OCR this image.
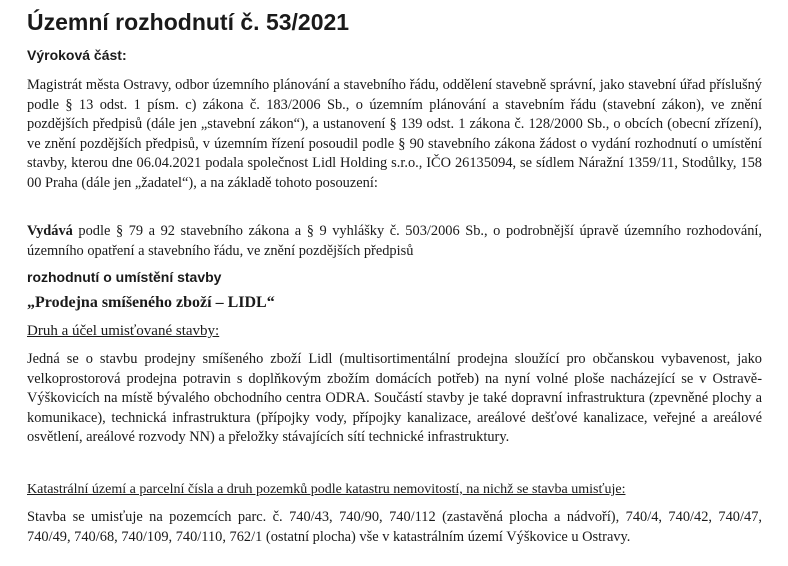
Územní rozhodnutí č. 53/2021
Výroková část:

Magistrát města Ostravy, odbor územního plánování a stavebního řádu, oddělení stavebně správní, jako stavební úřad příslušný podle § 13 odst. 1 písm. c) zákona č. 183/2006 Sb., o územním plánování a stavebním řádu (stavební zákon), ve znění pozdějších předpisů (dále jen „stavební zákon“), a ustanovení § 139 odst. 1 zákona č. 128/2000 Sb., o obcích (obecní zřízení), ve znění pozdějších předpisů, v územním řízení posoudil podle § 90 stavebního zákona žádost o vydání rozhodnutí o umístění stavby, kterou dne 06.04.2021 podala společnost Lidl Holding s.r.o., IČO 26135094, se sídlem Náražní 1359/11, Stodůlky, 158 00 Praha (dále jen „žadatel“), a na základě tohoto posouzení:

Vydává podle § 79 a 92 stavebního zákona a § 9 vyhlášky č. 503/2006 Sb., o podrobnější úpravě územního rozhodování, územního opatření a stavebního řádu, ve znění pozdějších předpisů

rozhodnutí o umístění stavby
„Prodejna smíšeného zboží – LIDL“
Druh a účel umisťované stavby:

Jedná se o stavbu prodejny smíšeného zboží Lidl (multisortimentální prodejna sloužící pro občanskou vybavenost, jako velkoprostorová prodejna potravin s doplňkovým zbožím domácích potřeb) na nyní volné ploše nacházející se v Ostravě-Výškovicích na místě bývalého obchodního centra ODRA. Součástí stavby je také dopravní infrastruktura (zpevněné plochy a komunikace), technická infrastruktura (přípojky vody, přípojky kanalizace, areálové dešťové kanalizace, veřejné a areálové osvětlení, areálové rozvody NN) a přeložky stávajících sítí technické infrastruktury.

Katastrální území a parcelní čísla a druh pozemků podle katastru nemovitostí, na nichž se stavba umisťuje:

Stavba se umisťuje na pozemcích parc. č. 740/43, 740/90, 740/112 (zastavěná plocha a nádvoří), 740/4, 740/42, 740/47, 740/49, 740/68, 740/109, 740/110, 762/1 (ostatní plocha) vše v katastrálním území Výškovice u Ostravy.
